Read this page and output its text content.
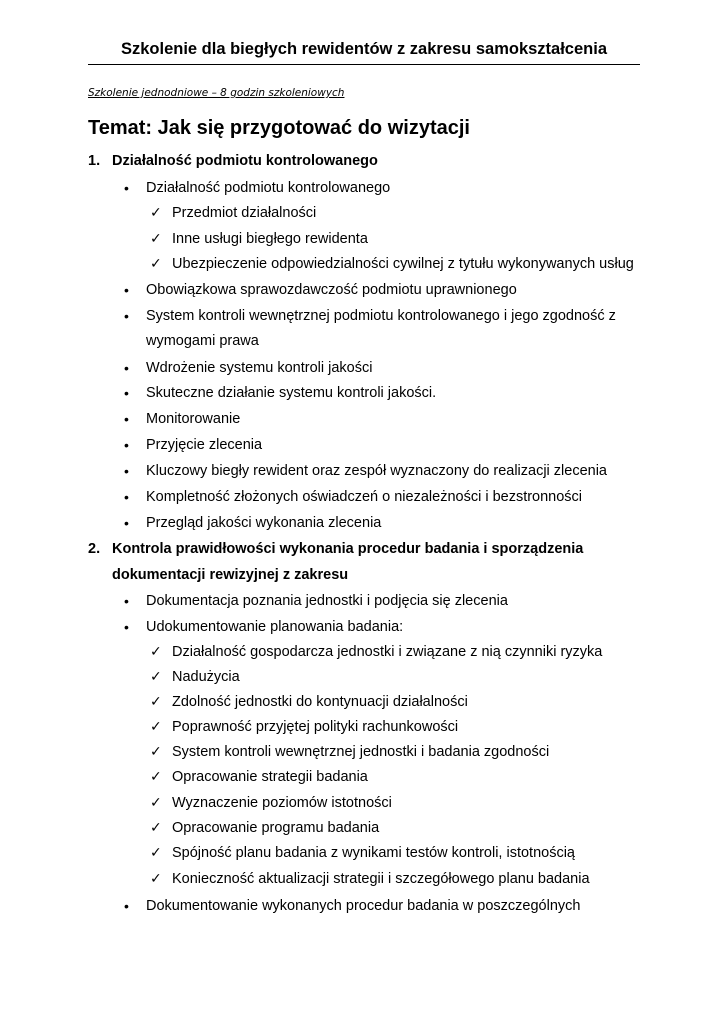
Szkolenie dla biegłych rewidentów z zakresu samokształcenia
Szkolenie jednodniowe – 8 godzin szkoleniowych
Temat: Jak się przygotować do wizytacji
1. Działalność podmiotu kontrolowanego
• Działalność podmiotu kontrolowanego
✓ Przedmiot działalności
✓ Inne usługi biegłego rewidenta
✓ Ubezpieczenie odpowiedzialności cywilnej z tytułu wykonywanych usług
• Obowiązkowa sprawozdawczość podmiotu uprawnionego
• System kontroli wewnętrznej podmiotu kontrolowanego i jego zgodność z
wymogami prawa
• Wdrożenie systemu kontroli jakości
• Skuteczne działanie systemu kontroli jakości.
• Monitorowanie
• Przyjęcie zlecenia
• Kluczowy biegły rewident oraz zespół wyznaczony do realizacji zlecenia
• Kompletność złożonych oświadczeń o niezależności i bezstronności
• Przegląd jakości wykonania zlecenia
2. Kontrola prawidłowości wykonania procedur badania i sporządzenia
dokumentacji rewizyjnej z zakresu
• Dokumentacja poznania jednostki i podjęcia się zlecenia
• Udokumentowanie planowania badania:
✓ Działalność gospodarcza jednostki i związane z nią czynniki ryzyka
✓ Nadużycia
✓ Zdolność jednostki do kontynuacji działalności
✓ Poprawność przyjętej polityki rachunkowości
✓ System kontroli wewnętrznej jednostki i badania zgodności
✓ Opracowanie strategii badania
✓ Wyznaczenie poziomów istotności
✓ Opracowanie programu badania
✓ Spójność planu badania z wynikami testów kontroli, istotnością
✓ Konieczność aktualizacji strategii i szczegółowego planu badania
• Dokumentowanie wykonanych procedur badania w poszczególnych
